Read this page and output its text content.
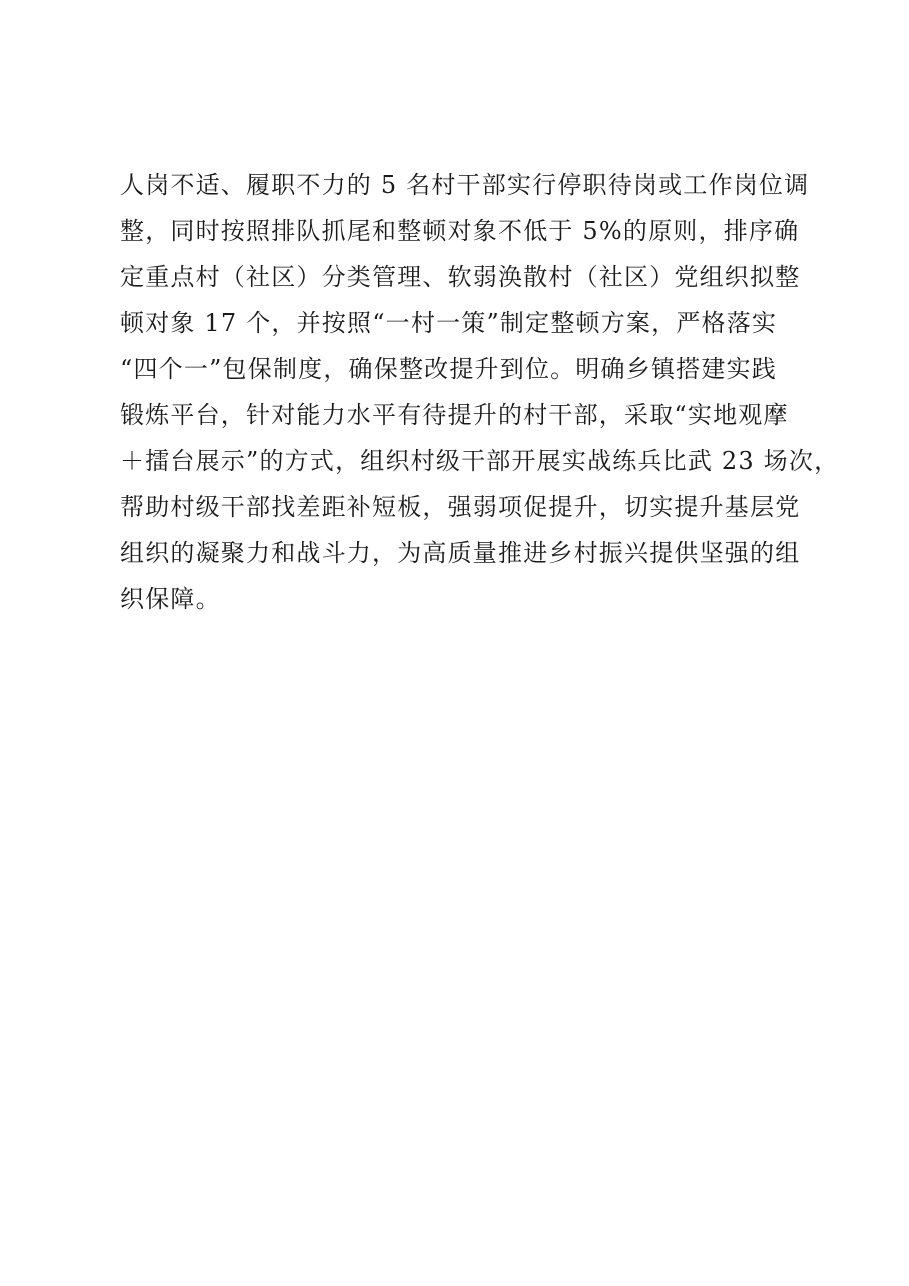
人岗不适、履职不力的 5 名村干部实行停职待岗或工作岗位调
整，同时按照排队抓尾和整顿对象不低于 5%的原则，排序确
定重点村（社区）分类管理、软弱涣散村（社区）党组织拟整
顿对象 17 个，并按照“一村一策”制定整顿方案，严格落实
“四个一”包保制度，确保整改提升到位。明确乡镇搭建实践
锻炼平台，针对能力水平有待提升的村干部，采取“实地观摩
＋擂台展示”的方式，组织村级干部开展实战练兵比武 23 场次，
帮助村级干部找差距补短板，强弱项促提升，切实提升基层党
组织的凝聚力和战斗力，为高质量推进乡村振兴提供坚强的组
织保障。
